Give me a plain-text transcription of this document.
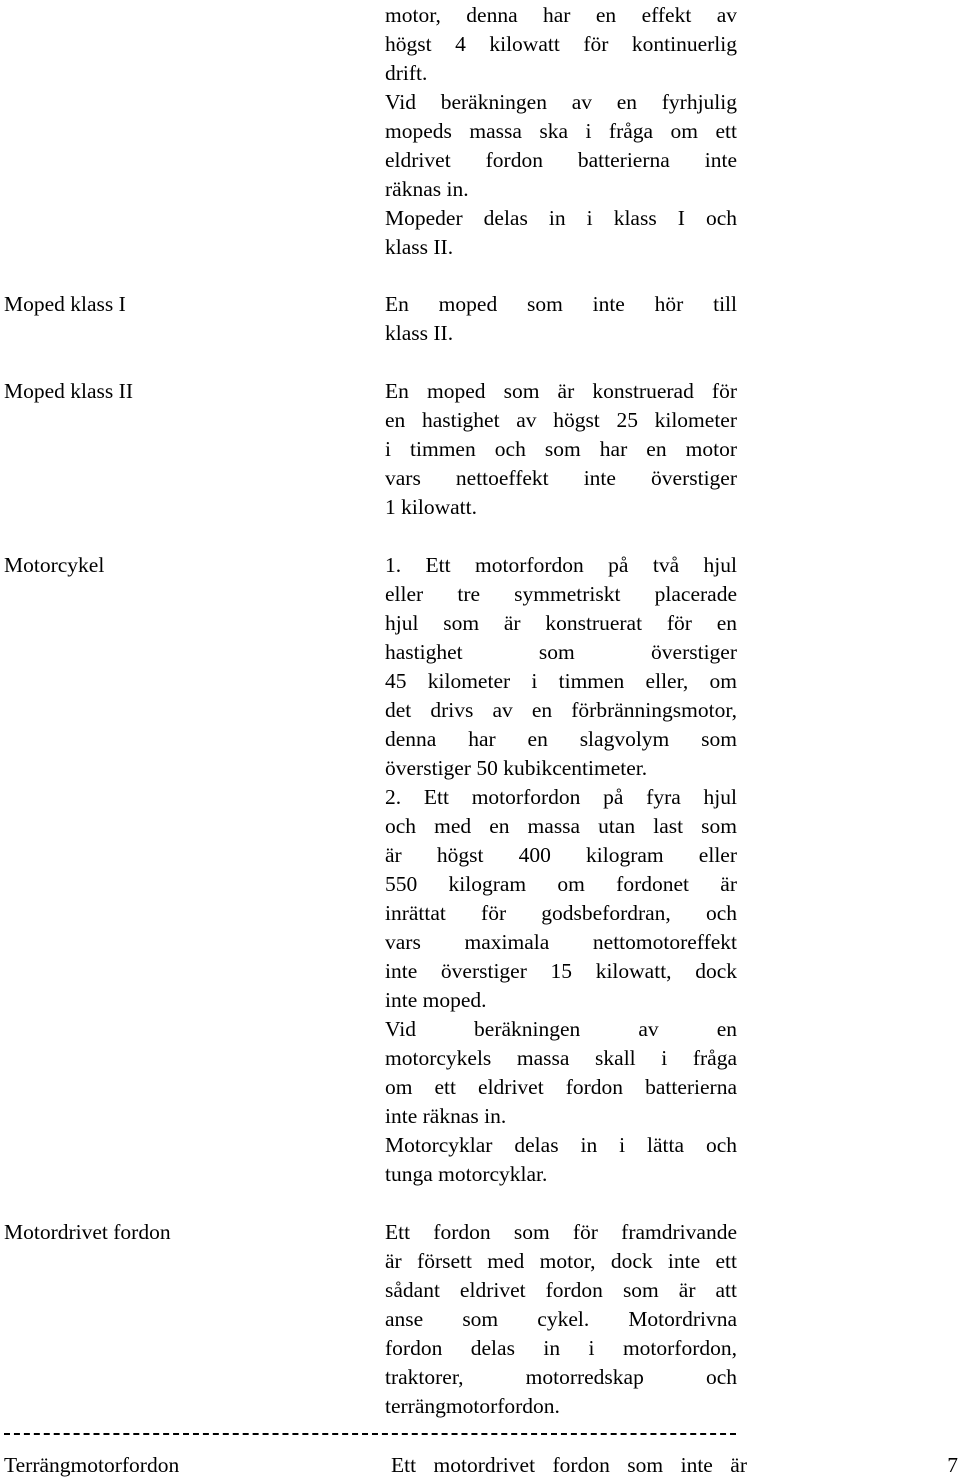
motor, denna har en effekt av
högst 4 kilowatt för kontinuerlig
drift.
Vid beräkningen av en fyrhjulig
mopeds massa ska i fråga om ett
eldrivet fordon batterierna inte
räknas in.
Mopeder delas in i klass I och
klass II.
Moped klass I	En moped som inte hör till
klass II.
Moped klass II	En moped som är konstruerad för
en hastighet av högst 25 kilometer
i timmen och som har en motor
vars nettoeffekt inte överstiger
1 kilowatt.
Motorcykel	1. Ett motorfordon på två hjul
eller tre symmetriskt placerade
hjul som är konstruerat för en
hastighet som överstiger
45 kilometer i timmen eller, om
det drivs av en förbränningsmotor,
denna har en slagvolym som
överstiger 50 kubikcentimeter.
2. Ett motorfordon på fyra hjul
och med en massa utan last som
är högst 400 kilogram eller
550 kilogram om fordonet är
inrättat för godsbefordran, och
vars maximala nettomotoreffekt
inte överstiger 15 kilowatt, dock
inte moped.
Vid beräkningen av en
motorcykels massa skall i fråga
om ett eldrivet fordon batterierna
inte räknas in.
Motorcyklar delas in i lätta och
tunga motorcyklar.
Motordrivet fordon	Ett fordon som för framdrivande
är försett med motor, dock inte ett
sådant eldrivet fordon som är att
anse som cykel. Motordrivna
fordon delas in i motorfordon,
traktorer, motorredskap och
terrängmotorfordon.
Terrängmotorfordon	Ett motordrivet fordon som inte är	7
